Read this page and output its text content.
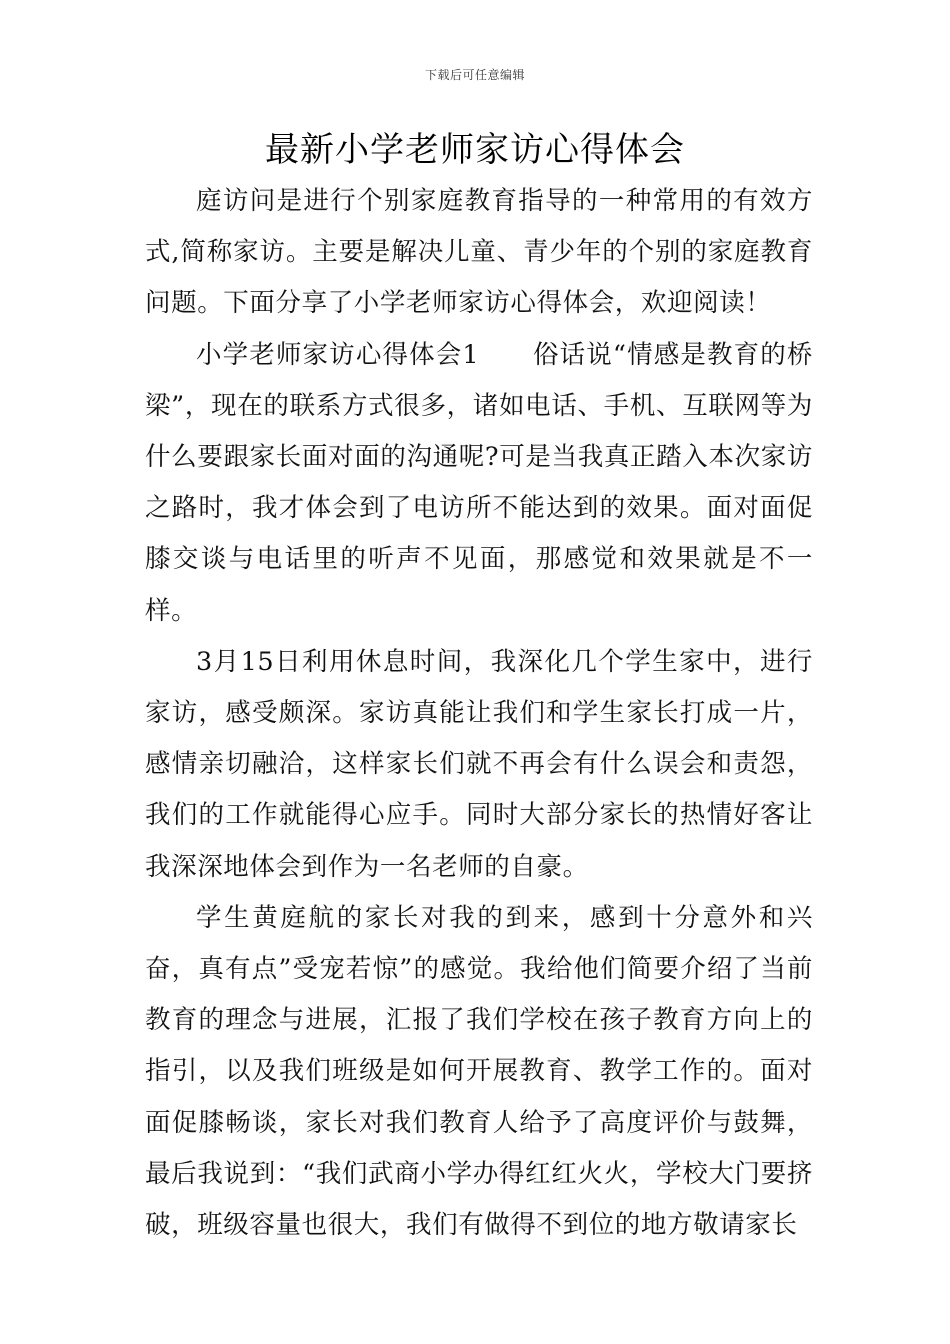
下载后可任意编辑
最新小学老师家访心得体会

庭访问是进行个别家庭教育指导的一种常用的有效方式,简称家访。主要是解决儿童、青少年的个别的家庭教育问题。下面分享了小学老师家访心得体会，欢迎阅读！

小学老师家访心得体会1　　俗话说“情感是教育的桥梁”，现在的联系方式很多，诸如电话、手机、互联网等为什么要跟家长面对面的沟通呢?可是当我真正踏入本次家访之路时，我才体会到了电访所不能达到的效果。面对面促膝交谈与电话里的听声不见面，那感觉和效果就是不一样。

3月15日利用休息时间，我深化几个学生家中，进行家访，感受颇深。家访真能让我们和学生家长打成一片，感情亲切融洽，这样家长们就不再会有什么误会和责怨，我们的工作就能得心应手。同时大部分家长的热情好客让我深深地体会到作为一名老师的自豪。

学生黄庭航的家长对我的到来，感到十分意外和兴奋，真有点”受宠若惊”的感觉。我给他们简要介绍了当前教育的理念与进展，汇报了我们学校在孩子教育方向上的指引，以及我们班级是如何开展教育、教学工作的。面对面促膝畅谈，家长对我们教育人给予了高度评价与鼓舞，最后我说到：“我们武商小学办得红红火火，学校大门要挤破，班级容量也很大，我们有做得不到位的地方敬请家长
